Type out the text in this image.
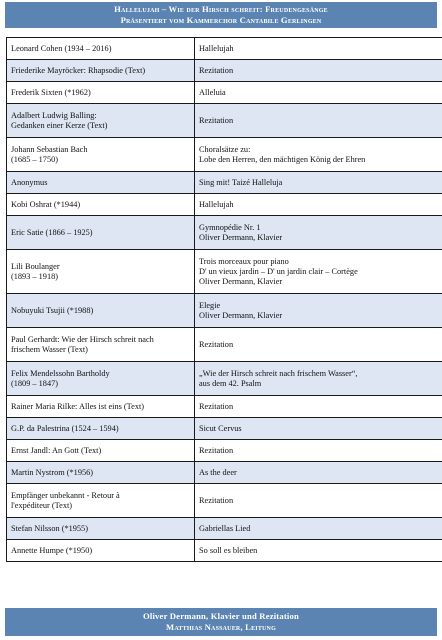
Hallelujah – Wie der Hirsch schreit: Freudengesänge
Präsentiert vom Kammerchor Cantabile Gerlingen
Leonard Cohen (1934 – 2016)	Hallelujah

Friederike Mayröcker: Rhapsodie (Text)	Rezitation

Frederik Sixten (*1962)	Alleluia

Adalbert Ludwig Balling:
Gedanken einer Kerze (Text)	Rezitation

Johann Sebastian Bach
(1685 – 1750)	Choralsätze zu:
Lobe den Herren, den mächtigen König der Ehren

Anonymus	Sing mit! Taizé Halleluja

Kobi Oshrat (*1944)	Hallelujah

Eric Satie (1866 – 1925)	Gymnopédie Nr. 1
Oliver Dermann, Klavier

Lili Boulanger
(1893 – 1918)	Trois morceaux pour piano
D' un vieux jardin – D' un jardin clair – Cortège
Oliver Dermann, Klavier

Nobuyuki Tsujii (*1988)	Elegie
Oliver Dermann, Klavier

Paul Gerhardt: Wie der Hirsch schreit nach
frischem Wasser (Text)	Rezitation

Felix Mendelssohn Bartholdy
(1809 – 1847)	„Wie der Hirsch schreit nach frischem Wasser“,
aus dem 42. Psalm

Rainer Maria Rilke: Alles ist eins (Text)	Rezitation

G.P. da Palestrina (1524 – 1594)	Sicut Cervus

Ernst Jandl: An Gott (Text)	Rezitation

Martin Nystrom (*1956)	As the deer

Empfänger unbekannt - Retour à
l'expéditeur (Text)	Rezitation

Stefan Nilsson (*1955)	Gabriellas Lied

Annette Humpe (*1950)	So soll es bleiben
Oliver Dermann, Klavier und Rezitation
Matthias Nassauer, Leitung
